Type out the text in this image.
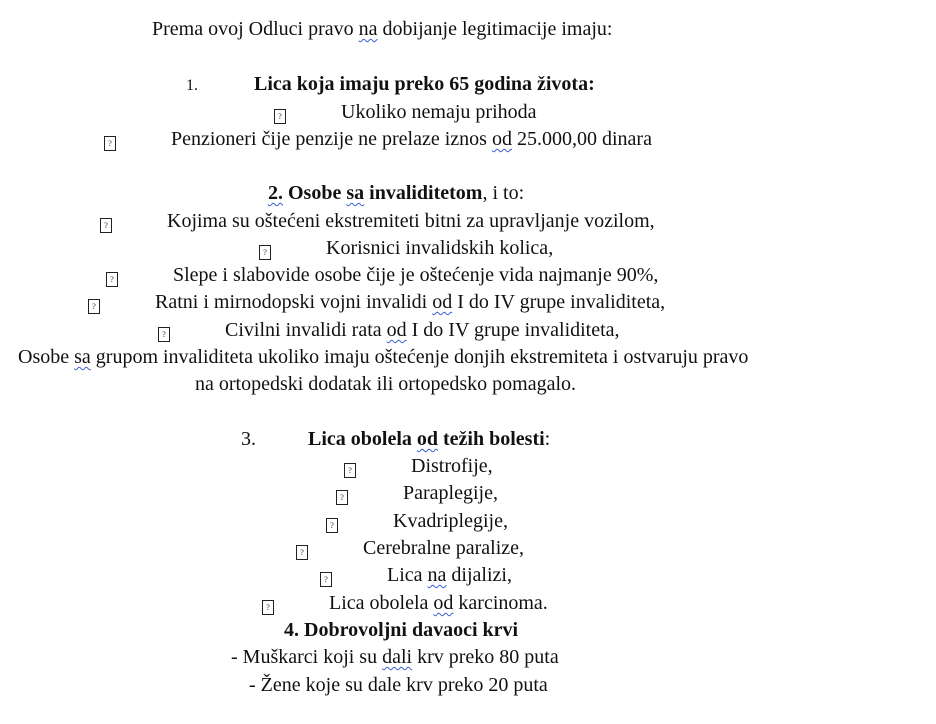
Prema ovoj Odluci pravo na dobijanje legitimacije imaju:
1.	Lica koja imaju preko 65 godina života:
?	Ukoliko nemaju prihoda
?	Penzioneri čije penzije ne prelaze iznos od 25.000,00 dinara
2. Osobe sa invaliditetom, i to:
?	Kojima su oštećeni ekstremiteti bitni za upravljanje vozilom,
?	Korisnici invalidskih kolica,
?	Slepe i slabovide osobe čije je oštećenje vida najmanje 90%,
?	Ratni i mirnodopski vojni invalidi od I do IV grupe invaliditeta,
?	Civilni invalidi rata od I do IV grupe invaliditeta,
Osobe sa grupom invaliditeta ukoliko imaju oštećenje donjih ekstremiteta i ostvaruju pravo
na ortopedski dodatak ili ortopedsko pomagalo.
3.	Lica obolela od težih bolesti:
?	Distrofije,
?	Paraplegije,
?	Kvadriplegije,
?	Cerebralne paralize,
?	Lica na dijalizi,
?	Lica obolela od karcinoma.
4. Dobrovoljni davaoci krvi
- Muškarci koji su dali krv preko 80 puta
- Žene koje su dale krv preko 20 puta
